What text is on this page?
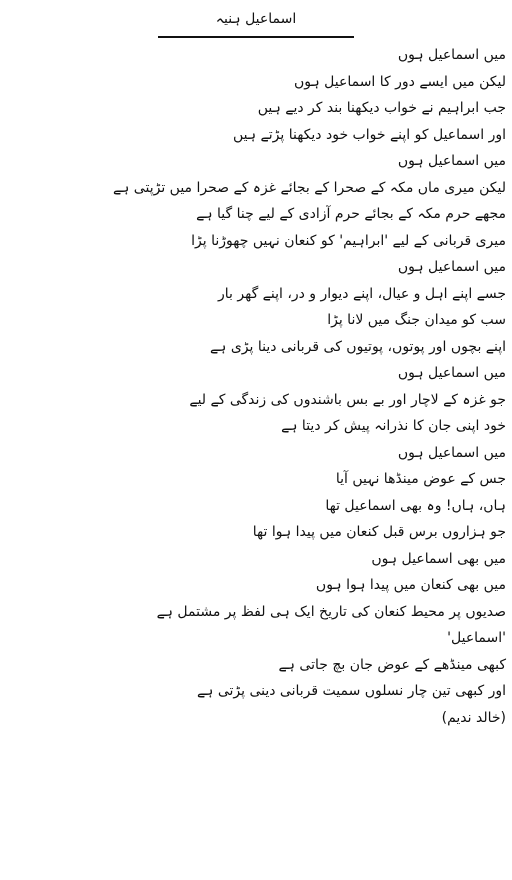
اسماعیل ہنیہ
میں اسماعیل ہوں
لیکن میں ایسے دور کا اسماعیل ہوں
جب ابراہیم نے خواب دیکھنا بند کر دیے ہیں
اور اسماعیل کو اپنے خواب خود دیکھنا پڑتے ہیں
میں اسماعیل ہوں
لیکن میری ماں مکہ کے صحرا کے بجائے غزہ کے صحرا میں تڑپتی ہے
مجھے حرم مکہ کے بجائے حرم آزادی کے لیے چنا گیا ہے
میری قربانی کے لیے 'ابراہیم' کو کنعان نہیں چھوڑنا پڑا
میں اسماعیل ہوں
جسے اپنے اہل و عیال، اپنے دیوار و در، اپنے گھر بار
سب کو میدان جنگ میں لانا پڑا
اپنے بچوں اور پوتوں، پوتیوں کی قربانی دینا پڑی ہے
میں اسماعیل ہوں
جو غزہ کے لاچار اور بے بس باشندوں کی زندگی کے لیے
خود اپنی جان کا نذرانہ پیش کر دیتا ہے
میں اسماعیل ہوں
جس کے عوض مینڈھا نہیں آیا
ہاں، ہاں! وہ بھی اسماعیل تھا
جو ہزاروں برس قبل کنعان میں پیدا ہوا تھا
میں بھی اسماعیل ہوں
میں بھی کنعان میں پیدا ہوا ہوں
صدیوں پر محیط کنعان کی تاریخ ایک ہی لفظ پر مشتمل ہے
'اسماعیل'
کبھی مینڈھے کے عوض جان بچ جاتی ہے
اور کبھی تین چار نسلوں سمیت قربانی دینی پڑتی ہے
(خالد ندیم)
